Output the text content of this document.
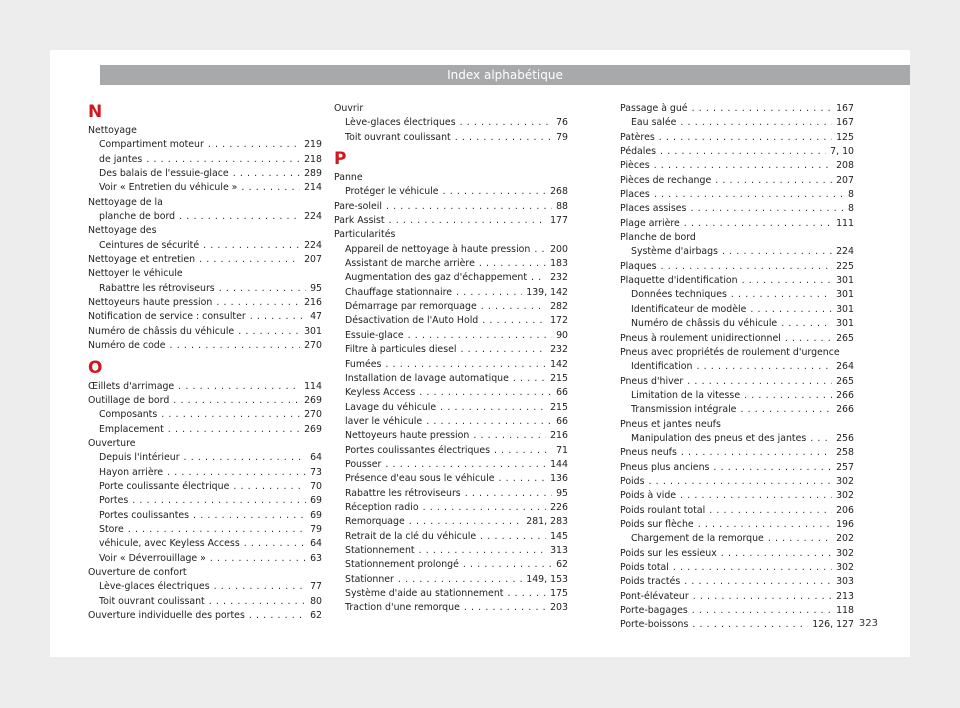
Index alphabétique
N
Nettoyage
Compartiment moteur . . .	219
de jantes . . .	218
Des balais de l'essuie-glace . . .	289
Voir « Entretien du véhicule » . . .	214
Nettoyage de la
planche de bord . . .	224
Nettoyage des
Ceintures de sécurité . . .	224
Nettoyage et entretien . . .	207
Nettoyer le véhicule
Rabattre les rétroviseurs . . .	95
Nettoyeurs haute pression . . .	216
Notification de service : consulter . . .	47
Numéro de châssis du véhicule . . .	301
Numéro de code . . .	270
O
Œillets d'arrimage . . .	114
Outillage de bord . . .	269
Composants . . .	270
Emplacement . . .	269
Ouverture
Depuis l'intérieur . . .	64
Hayon arrière . . .	73
Porte coulissante électrique . . .	70
Portes . . .	69
Portes coulissantes . . .	69
Store . . .	79
véhicule, avec Keyless Access . . .	64
Voir « Déverrouillage » . . .	63
Ouverture de confort
Lève-glaces électriques . . .	77
Toit ouvrant coulissant . . .	80
Ouverture individuelle des portes . . .	62
Ouvrir
Lève-glaces électriques . . .	76
Toit ouvrant coulissant . . .	79
P
Panne
Protéger le véhicule . . .	268
Pare-soleil . . .	88
Park Assist . . .	177
Particularités
Appareil de nettoyage à haute pression . . . 200
Assistant de marche arrière . . .	183
Augmentation des gaz d'échappement . . . 232
Chauffage stationnaire . . .	139, 142
Démarrage par remorquage . . .	282
Désactivation de l'Auto Hold . . .	172
Essuie-glace . . .	90
Filtre à particules diesel . . .	232
Fumées . . .	142
Installation de lavage automatique . . .	215
Keyless Access . . .	66
Lavage du véhicule . . .	215
laver le véhicule . . .	66
Nettoyeurs haute pression . . .	216
Portes coulissantes électriques . . .	71
Pousser . . .	144
Présence d'eau sous le véhicule . . .	136
Rabattre les rétroviseurs . . .	95
Réception radio . . .	226
Remorquage . . .	281, 283
Retrait de la clé du véhicule . . .	145
Stationnement . . .	313
Stationnement prolongé . . .	62
Stationner . . .	149, 153
Système d'aide au stationnement . . .	175
Traction d'une remorque . . .	203
Passage à gué . . .	167
Eau salée . . .	167
Patères . . .	125
Pédales . . .	7, 10
Pièces . . .	208
Pièces de rechange . . .	207
Places . . .	8
Places assises . . .	8
Plage arrière . . .	111
Planche de bord
Système d'airbags . . .	224
Plaques . . .	225
Plaquette d'identification . . .	301
Données techniques . . .	301
Identificateur de modèle . . .	301
Numéro de châssis du véhicule . . .	301
Pneus à roulement unidirectionnel . . .	265
Pneus avec propriétés de roulement d'urgence
Identification . . .	264
Pneus d'hiver . . .	265
Limitation de la vitesse . . .	266
Transmission intégrale . . .	266
Pneus et jantes neufs
Manipulation des pneus et des jantes . . .	256
Pneus neufs . . .	258
Pneus plus anciens . . .	257
Poids . . .	302
Poids à vide . . .	302
Poids roulant total . . .	206
Poids sur flèche . . .	196
Chargement de la remorque . . .	202
Poids sur les essieux . . .	302
Poids total . . .	302
Poids tractés . . .	303
Pont-élévateur . . .	213
Porte-bagages . . .	118
Porte-boissons . . .	126, 127 323
